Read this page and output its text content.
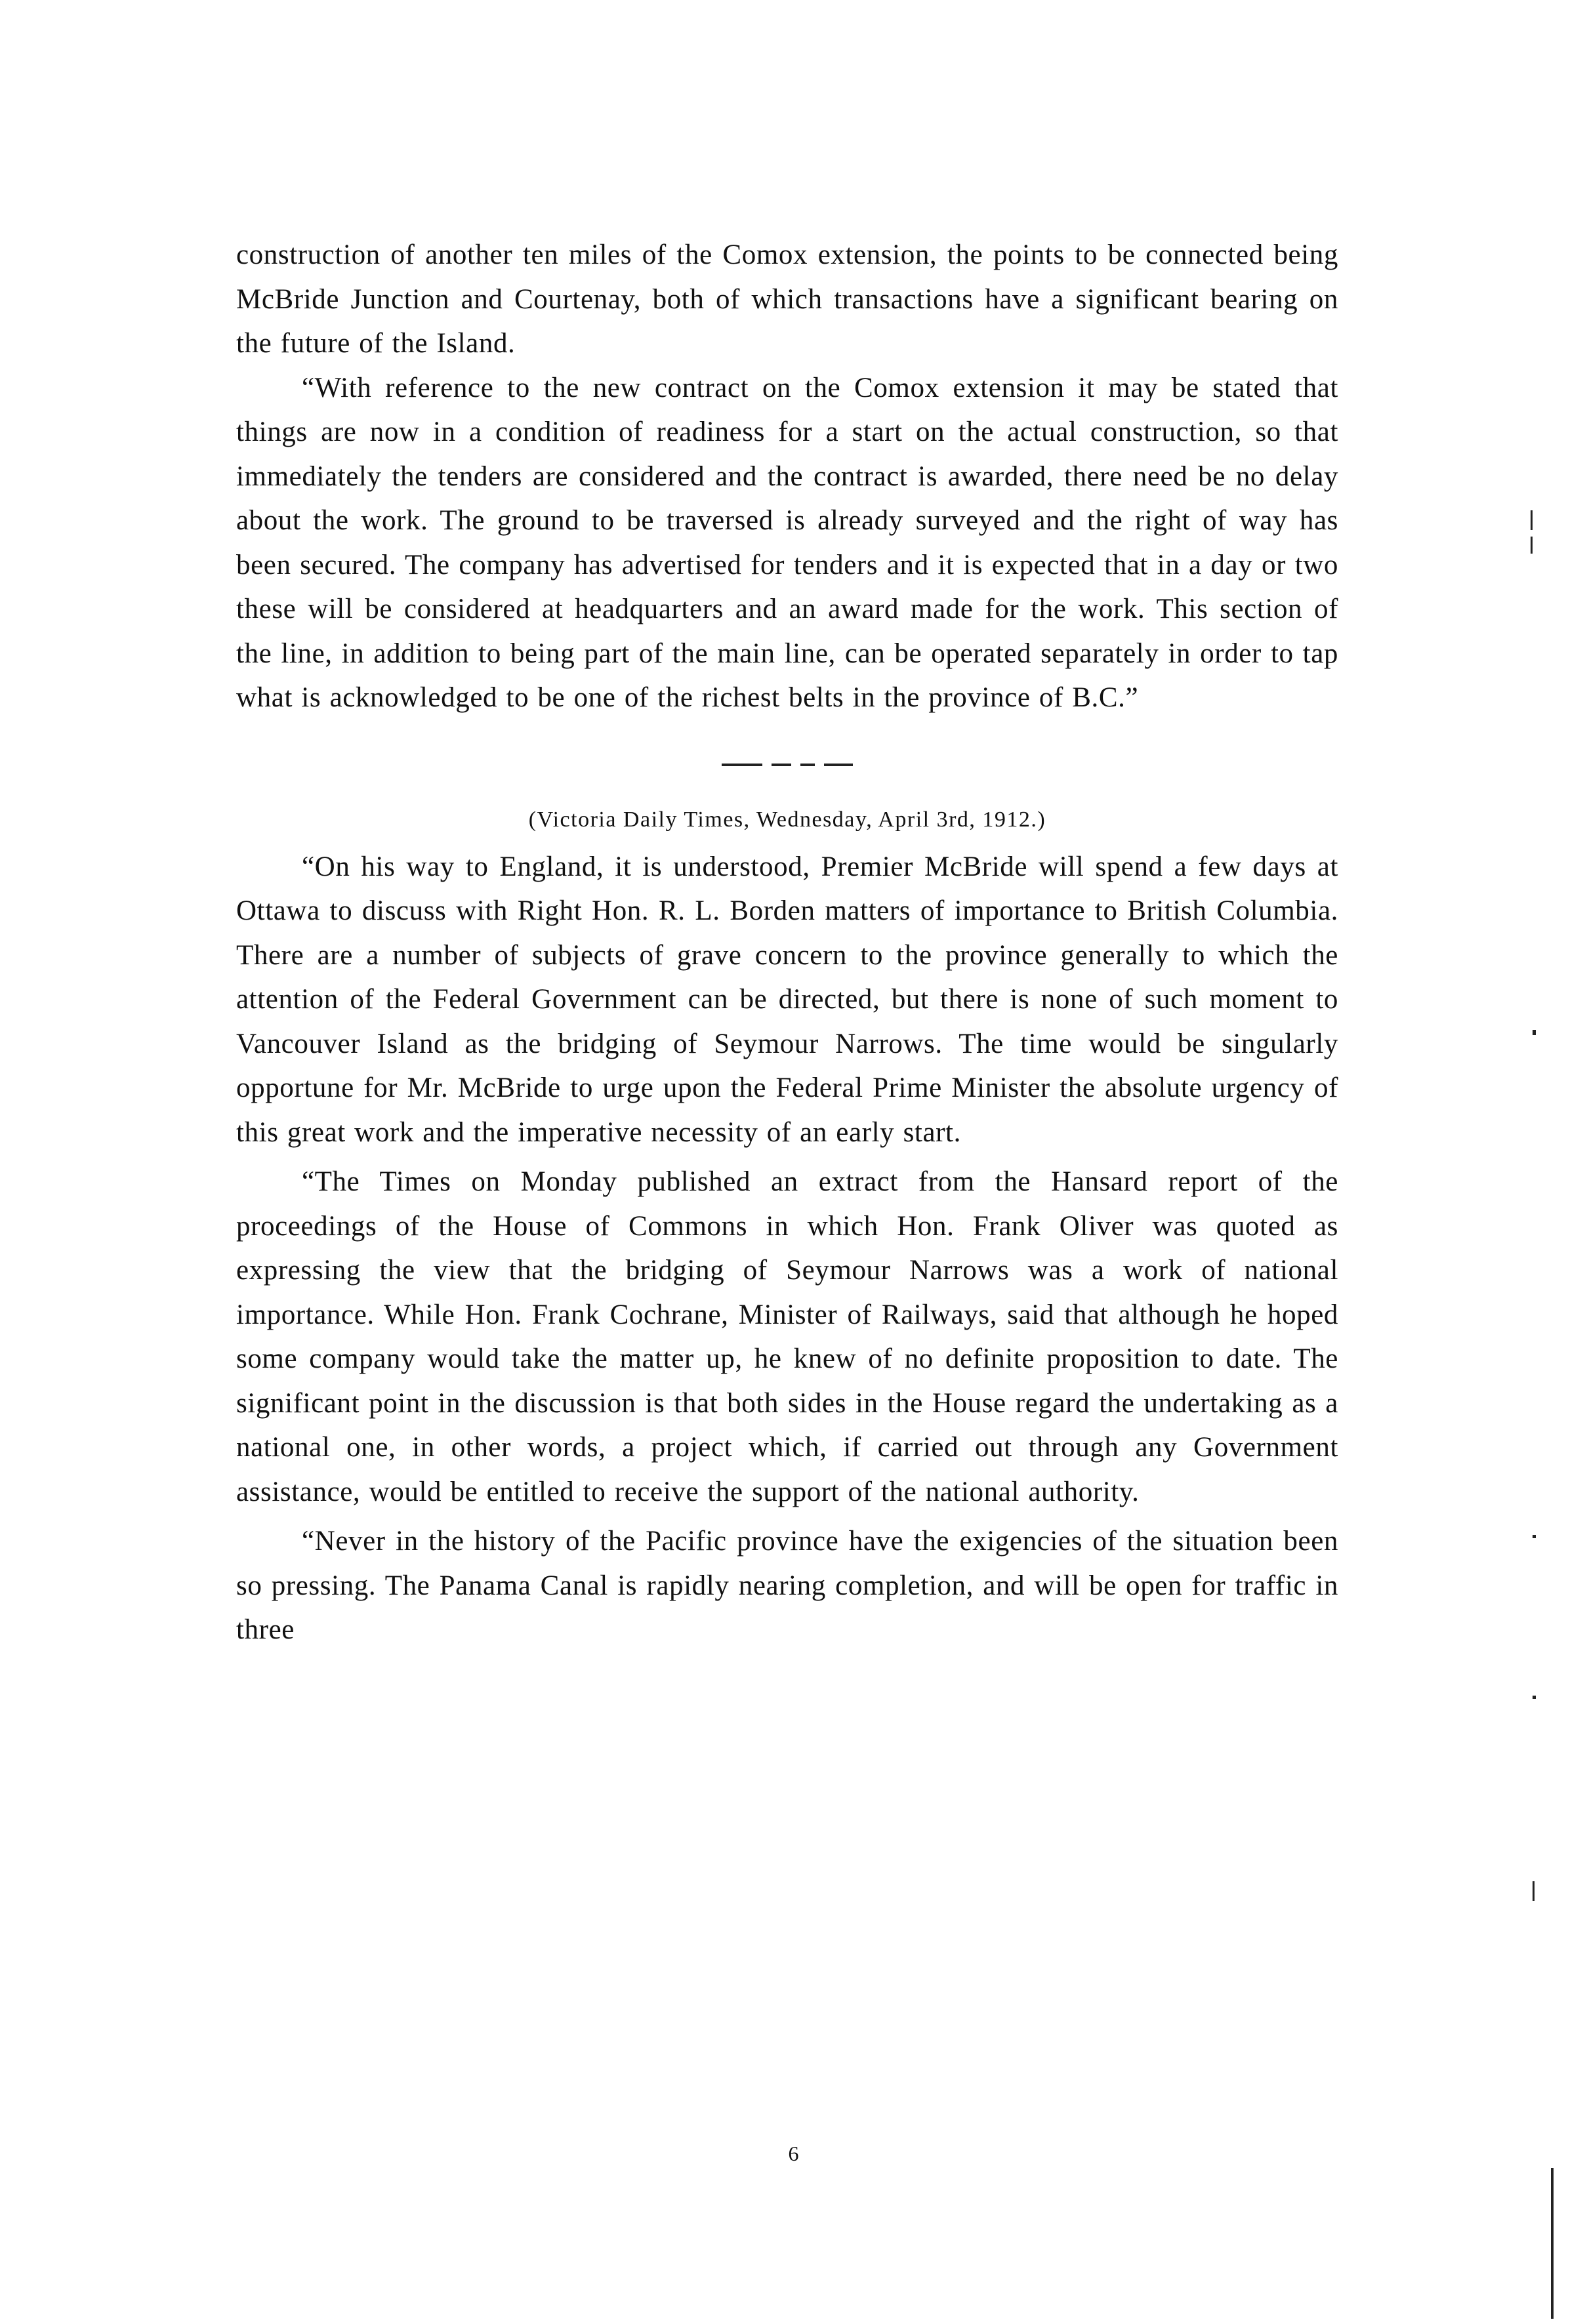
construction of another ten miles of the Comox extension, the points to be connected being McBride Junction and Courtenay, both of which transactions have a significant bearing on the future of the Island.

“With reference to the new contract on the Comox extension it may be stated that things are now in a condition of readiness for a start on the actual construction, so that immediately the tenders are considered and the contract is awarded, there need be no delay about the work. The ground to be traversed is already surveyed and the right of way has been secured. The company has advertised for tenders and it is expected that in a day or two these will be considered at headquarters and an award made for the work. This section of the line, in addition to being part of the main line, can be operated separately in order to tap what is acknowledged to be one of the richest belts in the province of B.C.”

(Victoria Daily Times, Wednesday, April 3rd, 1912.)

“On his way to England, it is understood, Premier McBride will spend a few days at Ottawa to discuss with Right Hon. R. L. Borden matters of importance to British Columbia. There are a number of subjects of grave concern to the province generally to which the attention of the Federal Government can be directed, but there is none of such moment to Vancouver Island as the bridging of Seymour Narrows. The time would be singularly opportune for Mr. McBride to urge upon the Federal Prime Minister the absolute urgency of this great work and the imperative necessity of an early start.

“The Times on Monday published an extract from the Hansard report of the proceedings of the House of Commons in which Hon. Frank Oliver was quoted as expressing the view that the bridging of Seymour Narrows was a work of national importance. While Hon. Frank Cochrane, Minister of Railways, said that although he hoped some company would take the matter up, he knew of no definite proposition to date. The significant point in the discussion is that both sides in the House regard the undertaking as a national one, in other words, a project which, if carried out through any Government assistance, would be entitled to receive the support of the national authority.

“Never in the history of the Pacific province have the exigencies of the situation been so pressing. The Panama Canal is rapidly nearing completion, and will be open for traffic in three

6
